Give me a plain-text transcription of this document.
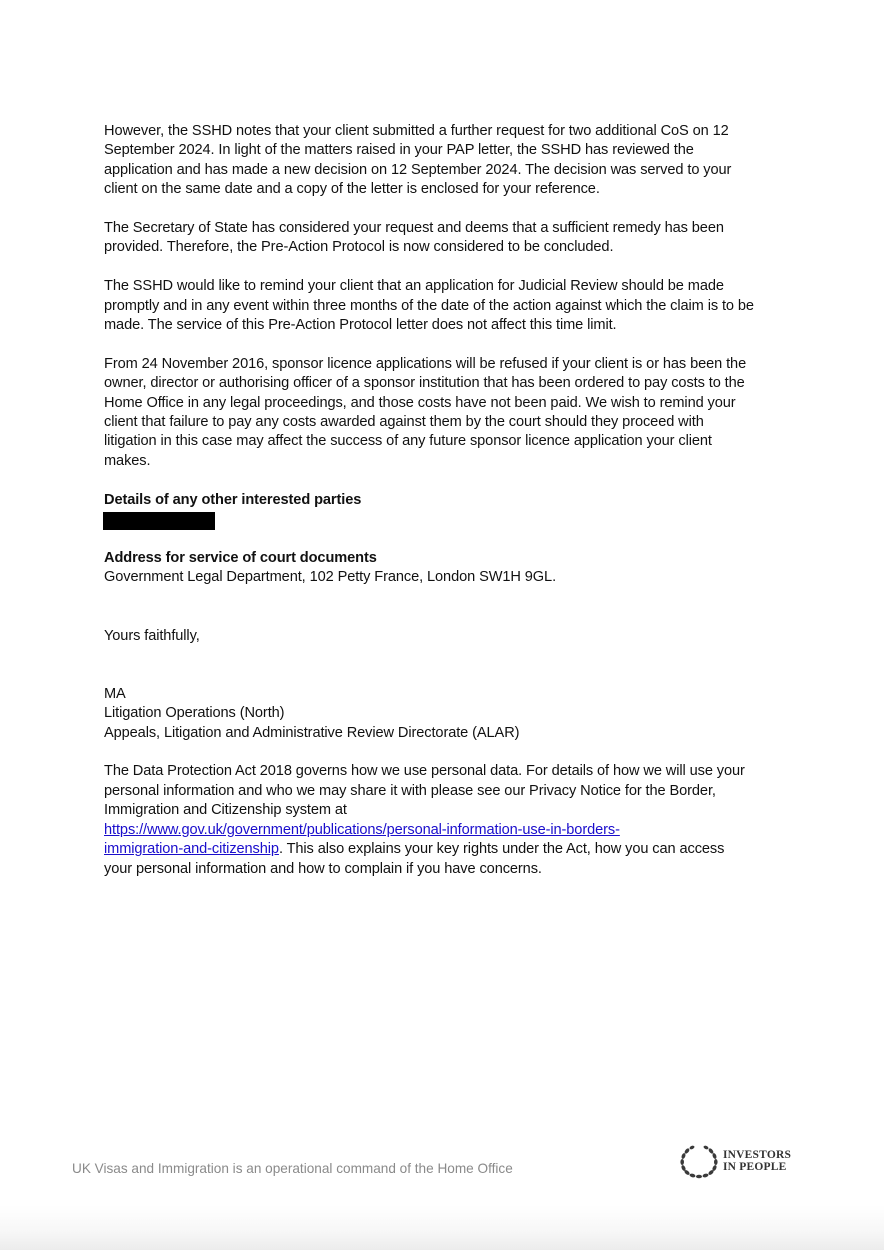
However, the SSHD notes that your client submitted a further request for two additional CoS on 12 September 2024. In light of the matters raised in your PAP letter, the SSHD has reviewed the application and has made a new decision on 12 September 2024. The decision was served to your client on the same date and a copy of the letter is enclosed for your reference.

The Secretary of State has considered your request and deems that a sufficient remedy has been provided. Therefore, the Pre-Action Protocol is now considered to be concluded.

The SSHD would like to remind your client that an application for Judicial Review should be made promptly and in any event within three months of the date of the action against which the claim is to be made. The service of this Pre-Action Protocol letter does not affect this time limit.

From 24 November 2016, sponsor licence applications will be refused if your client is or has been the owner, director or authorising officer of a sponsor institution that has been ordered to pay costs to the Home Office in any legal proceedings, and those costs have not been paid. We wish to remind your client that failure to pay any costs awarded against them by the court should they proceed with litigation in this case may affect the success of any future sponsor licence application your client makes.

Details of any other interested parties

Address for service of court documents

Government Legal Department, 102 Petty France, London SW1H 9GL.

Yours faithfully,

MA
Litigation Operations (North)
Appeals, Litigation and Administrative Review Directorate (ALAR)

The Data Protection Act 2018 governs how we use personal data. For details of how we will use your personal information and who we may share it with please see our Privacy Notice for the Border, Immigration and Citizenship system at
https://www.gov.uk/government/publications/personal-information-use-in-borders-
immigration-and-citizenship. This also explains your key rights under the Act, how you can access your personal information and how to complain if you have concerns.

UK Visas and Immigration is an operational command of the Home Office
INVESTORS
IN PEOPLE
